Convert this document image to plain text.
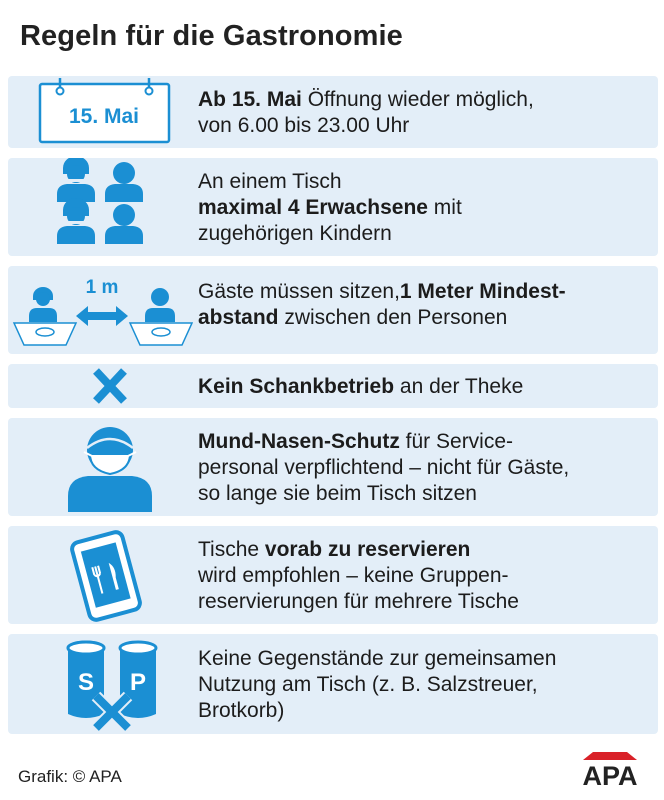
Regeln für die Gastronomie
15. Mai
Ab 15. Mai Öffnung wieder möglich,
von 6.00 bis 23.00 Uhr
An einem Tisch
maximal 4 Erwachsene mit
zugehörigen Kindern
1 m	Gäste müssen sitzen,1 Meter Mindest-
abstand zwischen den Personen
Kein Schankbetrieb an der Theke
Mund-Nasen-Schutz für Service-
personal verpflichtend – nicht für Gäste,
so lange sie beim Tisch sitzen
Tische vorab zu reservieren
wird empfohlen – keine Gruppen-
reservierungen für mehrere Tische
S P
Keine Gegenstände zur gemeinsamen
Nutzung am Tisch (z. B. Salzstreuer,
Brotkorb)
Grafik: © APA	APA
